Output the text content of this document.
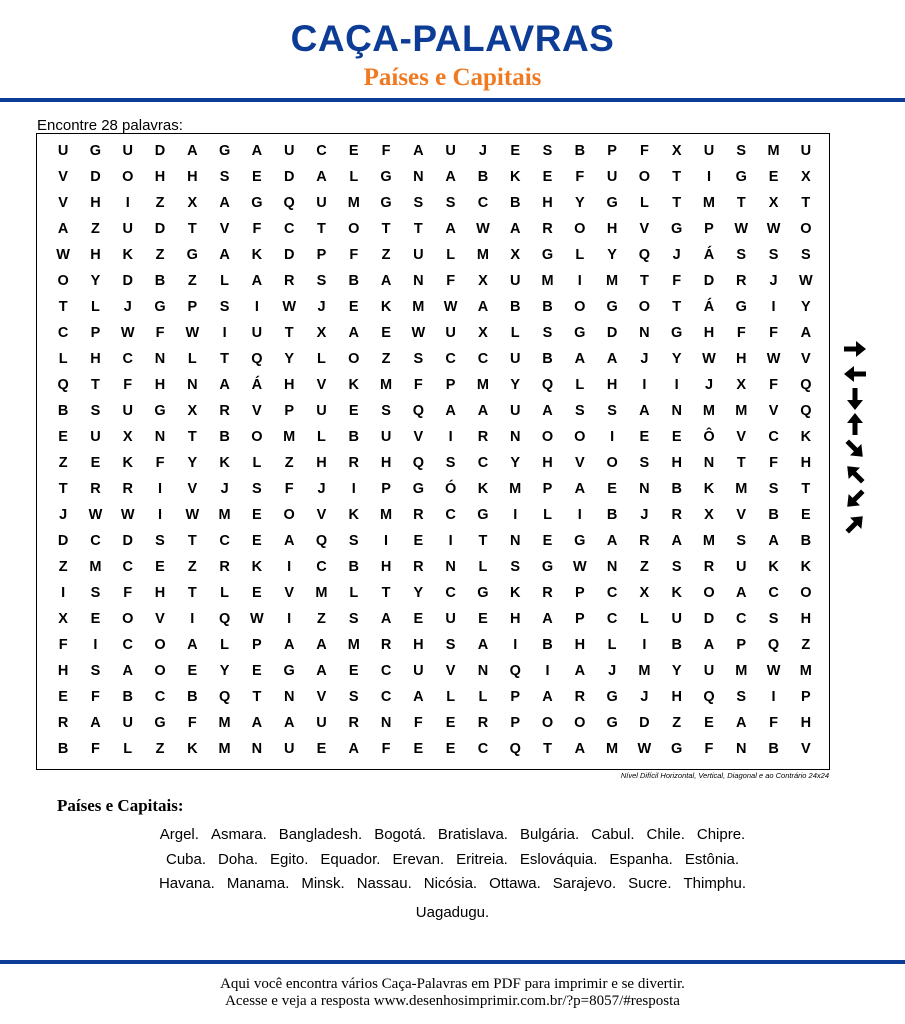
CAÇA-PALAVRAS
Países e Capitais
Encontre 28 palavras:
U	G	U	D	A	G	A	U	C	E	F	A	U	J	E	S	B	P	F	X	U	S	M	U
V	D	O	H	H	S	E	D	A	L	G	N	A	B	K	E	F	U	O	T	I	G	E	X
V	H	I	Z	X	A	G	Q	U	M	G	S	S	C	B	H	Y	G	L	T	M	T	X	T
A	Z	U	D	T	V	F	C	T	O	T	T	A	W	A	R	O	H	V	G	P	W	W	O
W	H	K	Z	G	A	K	D	P	F	Z	U	L	M	X	G	L	Y	Q	J	Á	S	S	S
O	Y	D	B	Z	L	A	R	S	B	A	N	F	X	U	M	I	M	T	F	D	R	J	W
T	L	J	G	P	S	I	W	J	E	K	M	W	A	B	B	O	G	O	T	Á	G	I	Y
C	P	W	F	W	I	U	T	X	A	E	W	U	X	L	S	G	D	N	G	H	F	F	A
L	H	C	N	L	T	Q	Y	L	O	Z	S	C	C	U	B	A	A	J	Y	W	H	W	V
Q	T	F	H	N	A	Á	H	V	K	M	F	P	M	Y	Q	L	H	I	I	J	X	F	Q
B	S	U	G	X	R	V	P	U	E	S	Q	A	A	U	A	S	S	A	N	M	M	V	Q
E	U	X	N	T	B	O	M	L	B	U	V	I	R	N	O	O	I	E	E	Ô	V	C	K
Z	E	K	F	Y	K	L	Z	H	R	H	Q	S	C	Y	H	V	O	S	H	N	T	F	H
T	R	R	I	V	J	S	F	J	I	P	G	Ó	K	M	P	A	E	N	B	K	M	S	T
J	W	W	I	W	M	E	O	V	K	M	R	C	G	I	L	I	B	J	R	X	V	B	E
D	C	D	S	T	C	E	A	Q	S	I	E	I	T	N	E	G	A	R	A	M	S	A	B
Z	M	C	E	Z	R	K	I	C	B	H	R	N	L	S	G	W	N	Z	S	R	U	K	K
I	S	F	H	T	L	E	V	M	L	T	Y	C	G	K	R	P	C	X	K	O	A	C	O
X	E	O	V	I	Q	W	I	Z	S	A	E	U	E	H	A	P	C	L	U	D	C	S	H
F	I	C	O	A	L	P	A	A	M	R	H	S	A	I	B	H	L	I	B	A	P	Q	Z
H	S	A	O	E	Y	E	G	A	E	C	U	V	N	Q	I	A	J	M	Y	U	M	W	M
E	F	B	C	B	Q	T	N	V	S	C	A	L	L	P	A	R	G	J	H	Q	S	I	P
R	A	U	G	F	M	A	A	U	R	N	F	E	R	P	O	O	G	D	Z	E	A	F	H
B	F	L	Z	K	M	N	U	E	A	F	E	E	C	Q	T	A	M	W	G	F	N	B	V
Nível Difícil Horizontal, Vertical, Diagonal e ao Contrário 24x24
Países e Capitais:
Argel. Asmara. Bangladesh. Bogotá. Bratislava. Bulgária. Cabul. Chile. Chipre.
Cuba. Doha. Egito. Equador. Erevan. Eritreia. Eslováquia. Espanha. Estônia.
Havana. Manama. Minsk. Nassau. Nicósia. Ottawa. Sarajevo. Sucre. Thimphu.
Uagadugu.
Aqui você encontra vários Caça-Palavras em PDF para imprimir e se divertir.
Acesse e veja a resposta www.desenhosimprimir.com.br/?p=8057/#resposta
